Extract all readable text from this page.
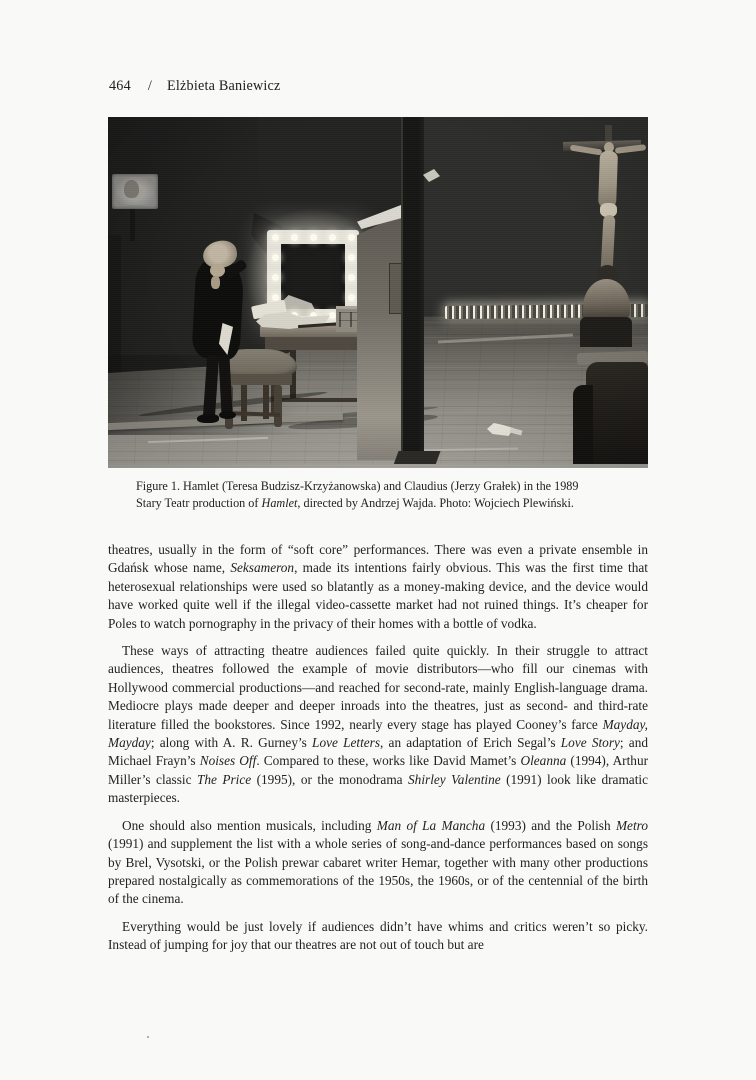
464 / Elżbieta Baniewicz
Figure 1. Hamlet (Teresa Budzisz-Krzyżanowska) and Claudius (Jerzy Grałek) in the 1989
Stary Teatr production of Hamlet, directed by Andrzej Wajda. Photo: Wojciech Plewiński.

theatres, usually in the form of “soft core” performances. There was even a private ensemble in Gdańsk whose name, Seksameron, made its intentions fairly obvious. This was the first time that heterosexual relationships were used so blatantly as a money-making device, and the device would have worked quite well if the illegal video-cassette market had not ruined things. It’s cheaper for Poles to watch pornography in the privacy of their homes with a bottle of vodka.

These ways of attracting theatre audiences failed quite quickly. In their struggle to attract audiences, theatres followed the example of movie distributors—who fill our cinemas with Hollywood commercial productions—and reached for second-rate, mainly English-language drama. Mediocre plays made deeper and deeper inroads into the theatres, just as second- and third-rate literature filled the bookstores. Since 1992, nearly every stage has played Cooney’s farce Mayday, Mayday; along with A. R. Gurney’s Love Letters, an adaptation of Erich Segal’s Love Story; and Michael Frayn’s Noises Off. Compared to these, works like David Mamet’s Oleanna (1994), Arthur Miller’s classic The Price (1995), or the monodrama Shirley Valentine (1991) look like dramatic masterpieces.

One should also mention musicals, including Man of La Mancha (1993) and the Polish Metro (1991) and supplement the list with a whole series of song-and-dance performances based on songs by Brel, Vysotski, or the Polish prewar cabaret writer Hemar, together with many other productions prepared nostalgically as commemorations of the 1950s, the 1960s, or of the centennial of the birth of the cinema.

Everything would be just lovely if audiences didn’t have whims and critics weren’t so picky. Instead of jumping for joy that our theatres are not out of touch but are
